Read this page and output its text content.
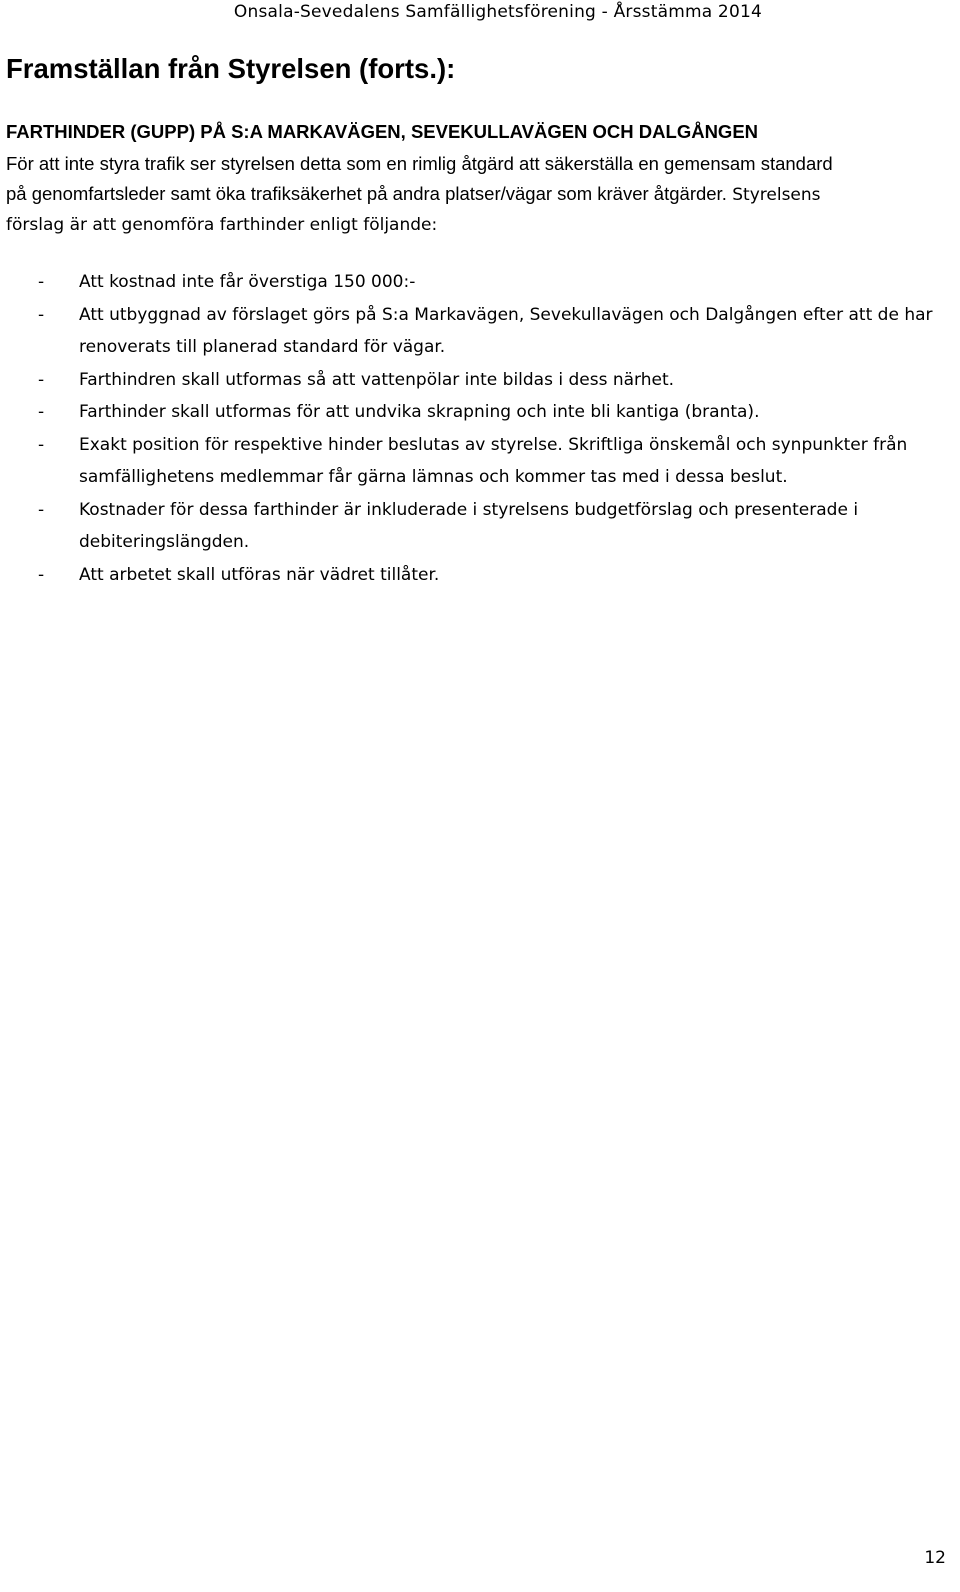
Onsala-Sevedalens Samfällighetsförening - Årsstämma 2014
Framställan från Styrelsen (forts.):
FARTHINDER (GUPP) PÅ S:A MARKAVÄGEN, SEVEKULLAVÄGEN OCH DALGÅNGEN
För att inte styra trafik ser styrelsen detta som en rimlig åtgärd att säkerställa en gemensam standard
på genomfartsleder samt öka trafiksäkerhet på andra platser/vägar som kräver åtgärder. Styrelsens
förslag är att genomföra farthinder enligt följande:
- Att kostnad inte får överstiga 150 000:-
- Att utbyggnad av förslaget görs på S:a Markavägen, Sevekullavägen och Dalgången efter att de har renoverats till planerad standard för vägar.
- Farthindren skall utformas så att vattenpölar inte bildas i dess närhet.
- Farthinder skall utformas för att undvika skrapning och inte bli kantiga (branta).
- Exakt position för respektive hinder beslutas av styrelse. Skriftliga önskemål och synpunkter från samfällighetens medlemmar får gärna lämnas och kommer tas med i dessa beslut.
- Kostnader för dessa farthinder är inkluderade i styrelsens budgetförslag och presenterade i debiteringslängden.
- Att arbetet skall utföras när vädret tillåter.
12
